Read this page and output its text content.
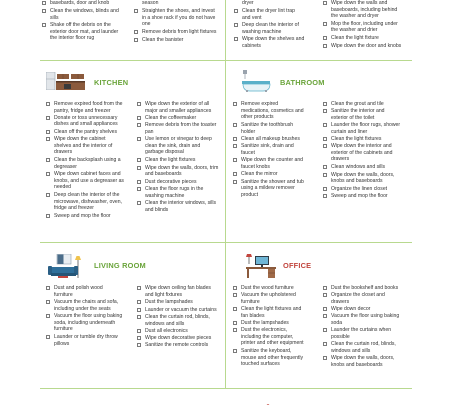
basebards, door and knob
Clean the windows, blinds and
sills
Shake off the debris on the
exterior door mat, and launder
the interior floor rug
season
Straighten the shoes, and invest
in a shoe rack if you do not have
one
Remove debris from light fixtures
Clean the banister
dryer
Clean the dryer lint trap
and vent
Deep clean the interior of
washing machine
Wipe down the shelves and
cabinets
Wipe down the walls and
baseboards, including behind
the washer and dryer
Mop the floor, including under
the washer and drier
Clean the light fixture
Wipe down the door and knobs
KITCHEN
Remove expired food from the
pantry, fridge and freezer
Donate or toss unnecessary
dishes and small appliances
Clean off the pantry shelves
Wipe down the cabinet
shelves and the interior of
drawers
Clean the backsplash using a
degreaser
Wipe down cabinet faces and
knobs, and use a degreaser as
needed
Deep clean the interior of the
microwave, dishwasher, oven,
fridge and freezer
Sweep and mop the floor
Wipe down the exterior of all
major and smaller appliances
Clean the coffeemaker
Remove debris from the toaster
pan
Use lemon or vinegar to deep
clean the sink, drain and
garbage disposal
Clean the light fixtures
Wipe down the walls, doors, trim
and baseboards
Dust decorative pieces
Clean the floor rugs in the
washing machine
Clean the interior windows, sills
and blinds
BATHROOM
Remove expired
medications, cosmetics and
other products
Sanitize the toothbrush
holder
Clean all makeup brushes
Sanitize sink, drain and
faucet
Wipe down the counter and
faucet knobs
Clean the mirror
Sanitize the shower and tub
using a mildew remover
product
Clean the grout and tile
Sanitize the interior and
exterior of the toilet
Launder the floor rugs, shower
curtain and liner
Clean the light fixtures
Wipe down the interior and
exterior of the cabinets and
drawers
Clean windows and sills
Wipe down the walls, doors,
knobs and baseboards
Organize the linen closet
Sweep and mop the floor
LIVING ROOM
Dust and polish wood
furniture
Vacuum the chairs and sofa,
including under the seats
Vacuum the floor using baking
soda, including underneath
furniture
Launder or tumble dry throw
pillows
Wipe down ceiling fan blades
and light fixtures
Dust the lampshades
Launder or vacuum the curtains
Clean the curtain rod, blinds,
windows and sills
Dust all electronics
Wipe down decorative pieces
Sanitize the remote controls
OFFICE
Dust the wood furniture
Vacuum the upholstered
furniture
Clean the light fixtures and
fan blades
Dust the lampshades
Dust the electronics,
including the computer,
printer and other equipment
Sanitize the keyboard,
mouse and other frequently
touched surfaces
Dust the bookshelf and books
Organize the closet and
drawers
Wipe down decor
Vacuum the floor using baking
soda
Launder the curtains when
possible
Clean the curtain rod, blinds,
windows and sills
Wipe down the walls, doors,
knobs and baseboards
